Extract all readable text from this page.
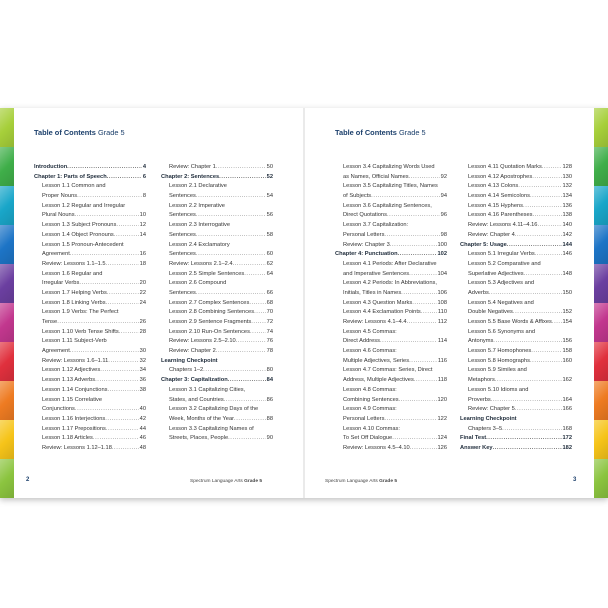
Table of Contents Grade 5
Introduction .....	4
Chapter 1: Parts of Speech .....	6
Lesson 1.1 Common and
Proper Nouns .....	8
Lesson 1.2 Regular and Irregular
Plural Nouns .....	10
Lesson 1.3 Subject Pronouns .....	12
Lesson 1.4 Object Pronouns .....	14
Lesson 1.5 Pronoun-Antecedent
Agreement .....	16
Review: Lessons 1.1–1.5 .....	18
Lesson 1.6 Regular and
Irregular Verbs .....	20
Lesson 1.7 Helping Verbs .....	22
Lesson 1.8 Linking Verbs .....	24
Lesson 1.9 Verbs: The Perfect
Tense .....	26
Lesson 1.10 Verb Tense Shifts .....	28
Lesson 1.11 Subject-Verb
Agreement .....	30
Review: Lessons 1.6–1.11 .....	32
Lesson 1.12 Adjectives .....	34
Lesson 1.13 Adverbs .....	36
Lesson 1.14 Conjunctions .....	38
Lesson 1.15 Correlative
Conjunctions .....	40
Lesson 1.16 Interjections .....	42
Lesson 1.17 Prepositions .....	44
Lesson 1.18 Articles .....	46
Review: Lessons 1.12–1.18 .....	48
Review: Chapter 1 .....	50
Chapter 2: Sentences .....	52
Lesson 2.1 Declarative
Sentences .....	54
Lesson 2.2 Imperative
Sentences .....	56
Lesson 2.3 Interrogative
Sentences .....	58
Lesson 2.4 Exclamatory
Sentences .....	60
Review: Lessons 2.1–2.4 .....	62
Lesson 2.5 Simple Sentences .....	64
Lesson 2.6 Compound
Sentences .....	66
Lesson 2.7 Complex Sentences .....	68
Lesson 2.8 Combining Sentences ..... 70
Lesson 2.9 Sentence Fragments .....	72
Lesson 2.10 Run-On Sentences .....	74
Review: Lessons 2.5–2.10 .....	76
Review: Chapter 2 .....	78
Learning Checkpoint
Chapters 1–2 .....	80
Chapter 3: Capitalization .....	84
Lesson 3.1 Capitalizing Cities,
States, and Countries .....	86
Lesson 3.2 Capitalizing Days of the
Week, Months of the Year .....	88
Lesson 3.3 Capitalizing Names of
Streets, Places, People .....	90
2	Spectrum Language Arts Grade 5
Table of Contents Grade 5
Lesson 3.4 Capitalizing Words Used
as Names, Official Names .....	92
Lesson 3.5 Capitalizing Titles, Names
of Subjects .....	94
Lesson 3.6 Capitalizing Sentences,
Direct Quotations .....	96
Lesson 3.7 Capitalization:
Personal Letters .....	98
Review: Chapter 3 .....	100
Chapter 4: Punctuation .....	102
Lesson 4.1 Periods: After Declarative
and Imperative Sentences .....	104
Lesson 4.2 Periods: In Abbreviations,
Initials, Titles in Names .....	106
Lesson 4.3 Question Marks .....	108
Lesson 4.4 Exclamation Points .....	110
Review: Lessons 4.1–4.4 .....	112
Lesson 4.5 Commas:
Direct Address .....	114
Lesson 4.6 Commas:
Multiple Adjectives, Series .....	116
Lesson 4.7 Commas: Series, Direct
Address, Multiple Adjectives .....	118
Lesson 4.8 Commas:
Combining Sentences .....	120
Lesson 4.9 Commas:
Personal Letters .....	122
Lesson 4.10 Commas:
To Set Off Dialogue .....	124
Review: Lessons 4.5–4.10 .....	126
Lesson 4.11 Quotation Marks .....	128
Lesson 4.12 Apostrophes .....	130
Lesson 4.13 Colons .....	132
Lesson 4.14 Semicolons .....	134
Lesson 4.15 Hyphens .....	136
Lesson 4.16 Parentheses .....	138
Review: Lessons 4.11–4.16 .....	140
Review: Chapter 4 .....	142
Chapter 5: Usage .....	144
Lesson 5.1 Irregular Verbs .....	146
Lesson 5.2 Comparative and
Superlative Adjectives .....	148
Lesson 5.3 Adjectives and
Adverbs .....	150
Lesson 5.4 Negatives and
Double Negatives .....	152
Lesson 5.5 Base Words & Affixes ..... 154
Lesson 5.6 Synonyms and
Antonyms .....	156
Lesson 5.7 Homophones .....	158
Lesson 5.8 Homographs .....	160
Lesson 5.9 Similes and
Metaphors .....	162
Lesson 5.10 Idioms and
Proverbs .....	164
Review: Chapter 5 .....	166
Learning Checkpoint
Chapters 3–5 .....	168
Final Test .....	172
Answer Key .....	182
Spectrum Language Arts Grade 5	3
